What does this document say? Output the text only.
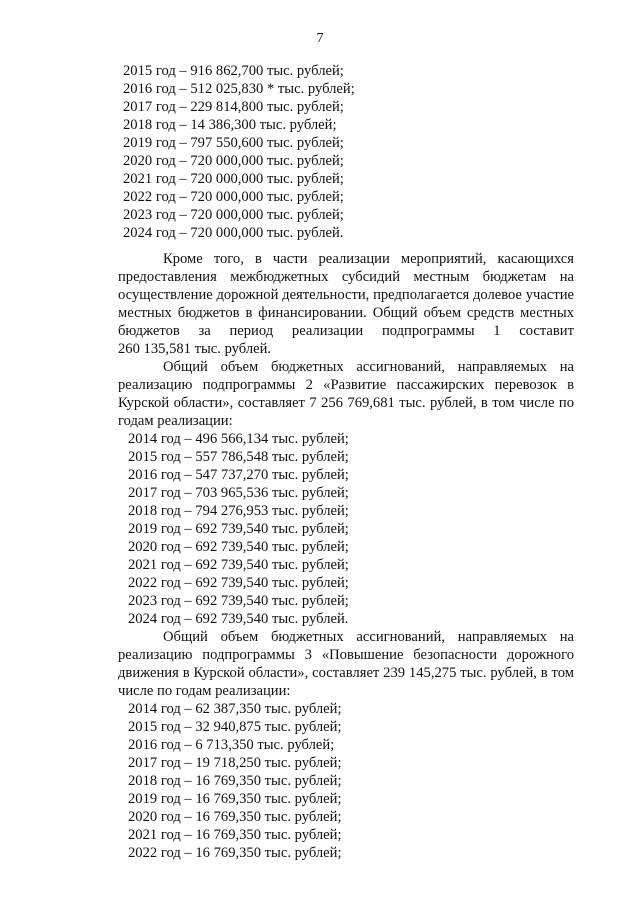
7
2015 год – 916 862,700 тыс. рублей;
2016 год – 512 025,830 * тыс. рублей;
2017 год – 229 814,800 тыс. рублей;
2018 год – 14 386,300 тыс. рублей;
2019 год – 797 550,600 тыс. рублей;
2020 год – 720 000,000 тыс. рублей;
2021 год – 720 000,000 тыс. рублей;
2022 год – 720 000,000 тыс. рублей;
2023 год – 720 000,000 тыс. рублей;
2024 год – 720 000,000 тыс. рублей.
Кроме того, в части реализации мероприятий, касающихся
предоставления межбюджетных субсидий местным бюджетам на
осуществление дорожной деятельности, предполагается долевое участие
местных бюджетов в финансировании. Общий объем средств местных
бюджетов за период реализации подпрограммы 1 составит
260 135,581 тыс. рублей.
Общий объем бюджетных ассигнований, направляемых на
реализацию подпрограммы 2 «Развитие пассажирских перевозок в
Курской области», составляет 7 256 769,681 тыс. рублей, в том числе по
годам реализации:
2014 год – 496 566,134 тыс. рублей;
2015 год – 557 786,548 тыс. рублей;
2016 год – 547 737,270 тыс. рублей;
2017 год – 703 965,536 тыс. рублей;
2018 год – 794 276,953 тыс. рублей;
2019 год – 692 739,540 тыс. рублей;
2020 год – 692 739,540 тыс. рублей;
2021 год – 692 739,540 тыс. рублей;
2022 год – 692 739,540 тыс. рублей;
2023 год – 692 739,540 тыс. рублей;
2024 год – 692 739,540 тыс. рублей.
Общий объем бюджетных ассигнований, направляемых на
реализацию подпрограммы 3 «Повышение безопасности дорожного
движения в Курской области», составляет 239 145,275 тыс. рублей, в том
числе по годам реализации:
2014 год – 62 387,350 тыс. рублей;
2015 год – 32 940,875 тыс. рублей;
2016 год – 6 713,350 тыс. рублей;
2017 год – 19 718,250 тыс. рублей;
2018 год – 16 769,350 тыс. рублей;
2019 год – 16 769,350 тыс. рублей;
2020 год – 16 769,350 тыс. рублей;
2021 год – 16 769,350 тыс. рублей;
2022 год – 16 769,350 тыс. рублей;
